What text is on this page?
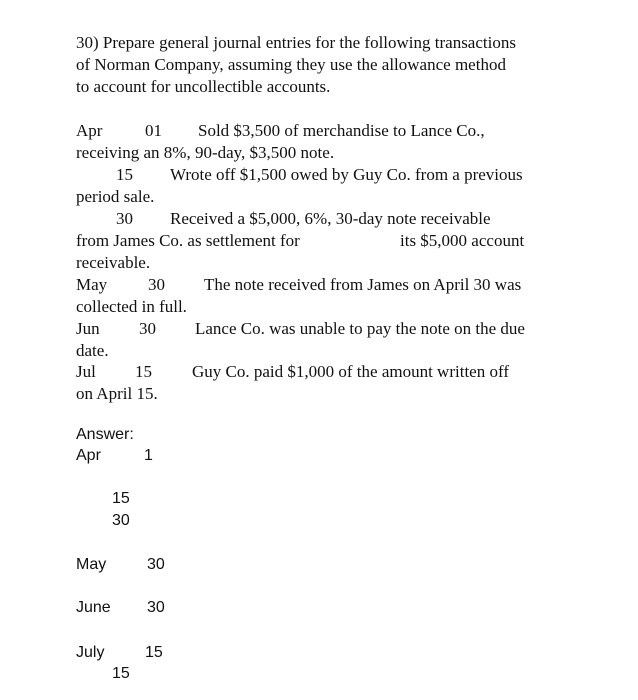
30) Prepare general journal entries for the following transactions
of Norman Company, assuming they use the allowance method
to account for uncollectible accounts.
Apr	01 Sold $3,500 of merchandise to Lance Co.,
receiving an 8%, 90-day, $3,500 note.
15 Wrote off $1,500 owed by Guy Co. from a previous
period sale.
30 Received a $5,000, 6%, 30-day note receivable
from James Co. as settlement for	its $5,000 account
receivable.
May 30 The note received from James on April 30 was
collected in full.
Jun 30 Lance Co. was unable to pay the note on the due
date.
Jul 15 Guy Co. paid $1,000 of the amount written off
on April 15.
Answer:
Apr	1
15
30
May	30
June 30
July	15
15
